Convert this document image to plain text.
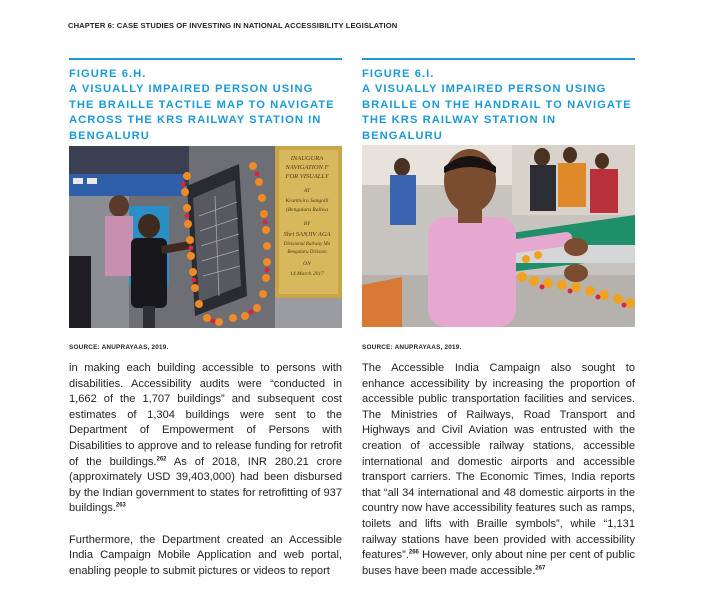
CHAPTER 6: CASE STUDIES OF INVESTING IN NATIONAL ACCESSIBILITY LEGISLATION
FIGURE 6.H.
A VISUALLY IMPAIRED PERSON USING THE BRAILLE TACTILE MAP TO NAVIGATE ACROSS THE KRS RAILWAY STATION IN BENGALURU
FIGURE 6.I.
A VISUALLY IMPAIRED PERSON USING BRAILLE ON THE HANDRAIL TO NAVIGATE THE KRS RAILWAY STATION IN BENGALURU
INAUGURA
NAVIGATION F
FOR VISUALLY
AT
Krantivira Sangolli
(Bengaluru Railwa
BY
Shri SANJIV AGA
Divisional Railway Ma
Bengaluru Division
ON
14 March 2017
SOURCE: ANUPRAYAAS, 2019.	SOURCE: ANUPRAYAAS, 2019.

in making each building accessible to persons with disabilities. Accessibility audits were “conducted in 1,662 of the 1,707 buildings” and subsequent cost estimates of 1,304 buildings were sent to the Department of Empowerment of Persons with Disabilities to approve and to release funding for retrofit of the buildings.$^{262}$ As of 2018, INR 280.21 crore (approximately USD 39,403,000) had been disbursed by the Indian government to states for retrofitting of 937 buildings.$^{263}$

Furthermore, the Department created an Accessible India Campaign Mobile Application and web portal, enabling people to submit pictures or videos to report

The Accessible India Campaign also sought to enhance accessibility by increasing the proportion of accessible public transportation facilities and services. The Ministries of Railways, Road Transport and Highways and Civil Aviation was entrusted with the creation of accessible railway stations, accessible international and domestic airports and accessible transport carriers. The Economic Times, India reports that “all 34 international and 48 domestic airports in the country now have accessibility features such as ramps, toilets and lifts with Braille symbols”, while “1,131 railway stations have been provided with accessibility features”.$^{266}$ However, only about nine per cent of public buses have been made accessible.$^{267}$
